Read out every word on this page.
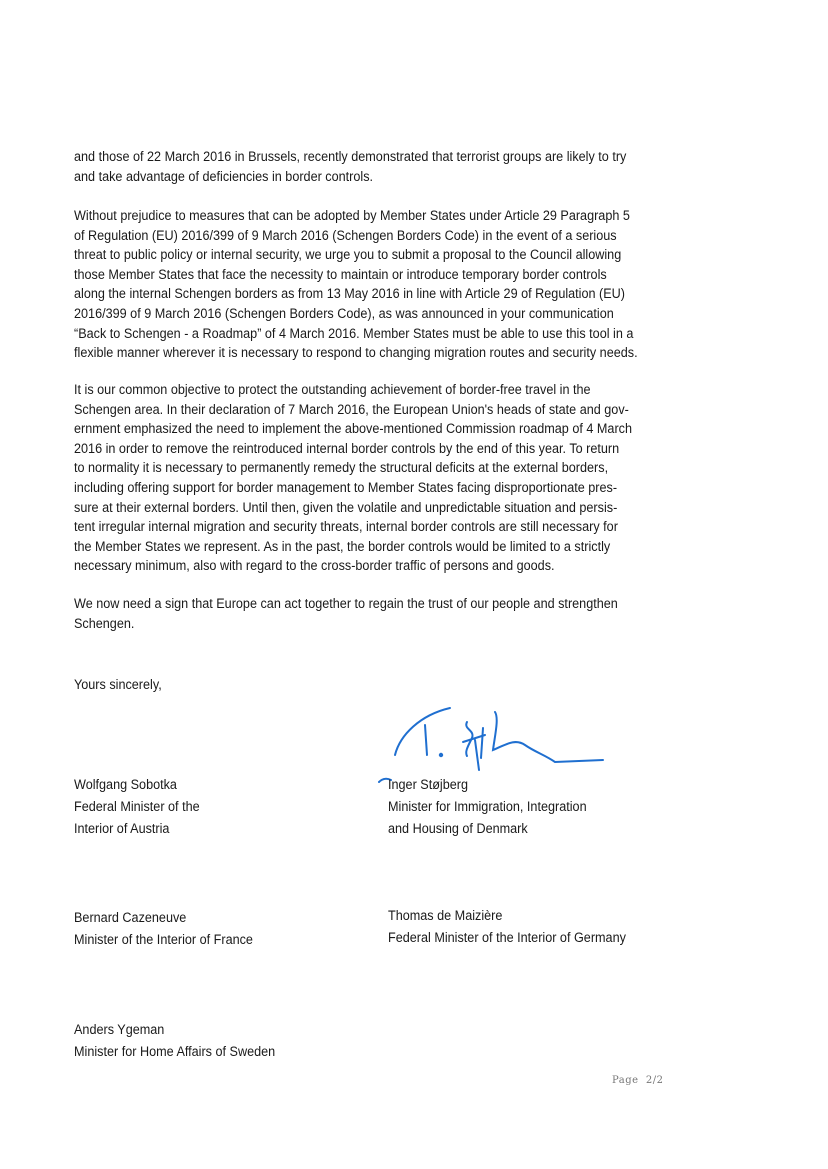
and those of 22 March 2016 in Brussels, recently demonstrated that terrorist groups are likely to try
and take advantage of deficiencies in border controls.
Without prejudice to measures that can be adopted by Member States under Article 29 Paragraph 5
of Regulation (EU) 2016/399 of 9 March 2016 (Schengen Borders Code) in the event of a serious
threat to public policy or internal security, we urge you to submit a proposal to the Council allowing
those Member States that face the necessity to maintain or introduce temporary border controls
along the internal Schengen borders as from 13 May 2016 in line with Article 29 of Regulation (EU)
2016/399 of 9 March 2016 (Schengen Borders Code), as was announced in your communication
“Back to Schengen - a Roadmap” of 4 March 2016. Member States must be able to use this tool in a
flexible manner wherever it is necessary to respond to changing migration routes and security needs.
It is our common objective to protect the outstanding achievement of border-free travel in the
Schengen area. In their declaration of 7 March 2016, the European Union's heads of state and gov-
ernment emphasized the need to implement the above-mentioned Commission roadmap of 4 March
2016 in order to remove the reintroduced internal border controls by the end of this year. To return
to normality it is necessary to permanently remedy the structural deficits at the external borders,
including offering support for border management to Member States facing disproportionate pres-
sure at their external borders. Until then, given the volatile and unpredictable situation and persis-
tent irregular internal migration and security threats, internal border controls are still necessary for
the Member States we represent. As in the past, the border controls would be limited to a strictly
necessary minimum, also with regard to the cross-border traffic of persons and goods.
We now need a sign that Europe can act together to regain the trust of our people and strengthen
Schengen.
Yours sincerely,
Wolfgang Sobotka
Federal Minister of the
Interior of Austria
Inger Støjberg
Minister for Immigration, Integration
and Housing of Denmark
Bernard Cazeneuve
Minister of the Interior of France
Thomas de Maizière
Federal Minister of the Interior of Germany
Anders Ygeman
Minister for Home Affairs of Sweden
Page 2/2
